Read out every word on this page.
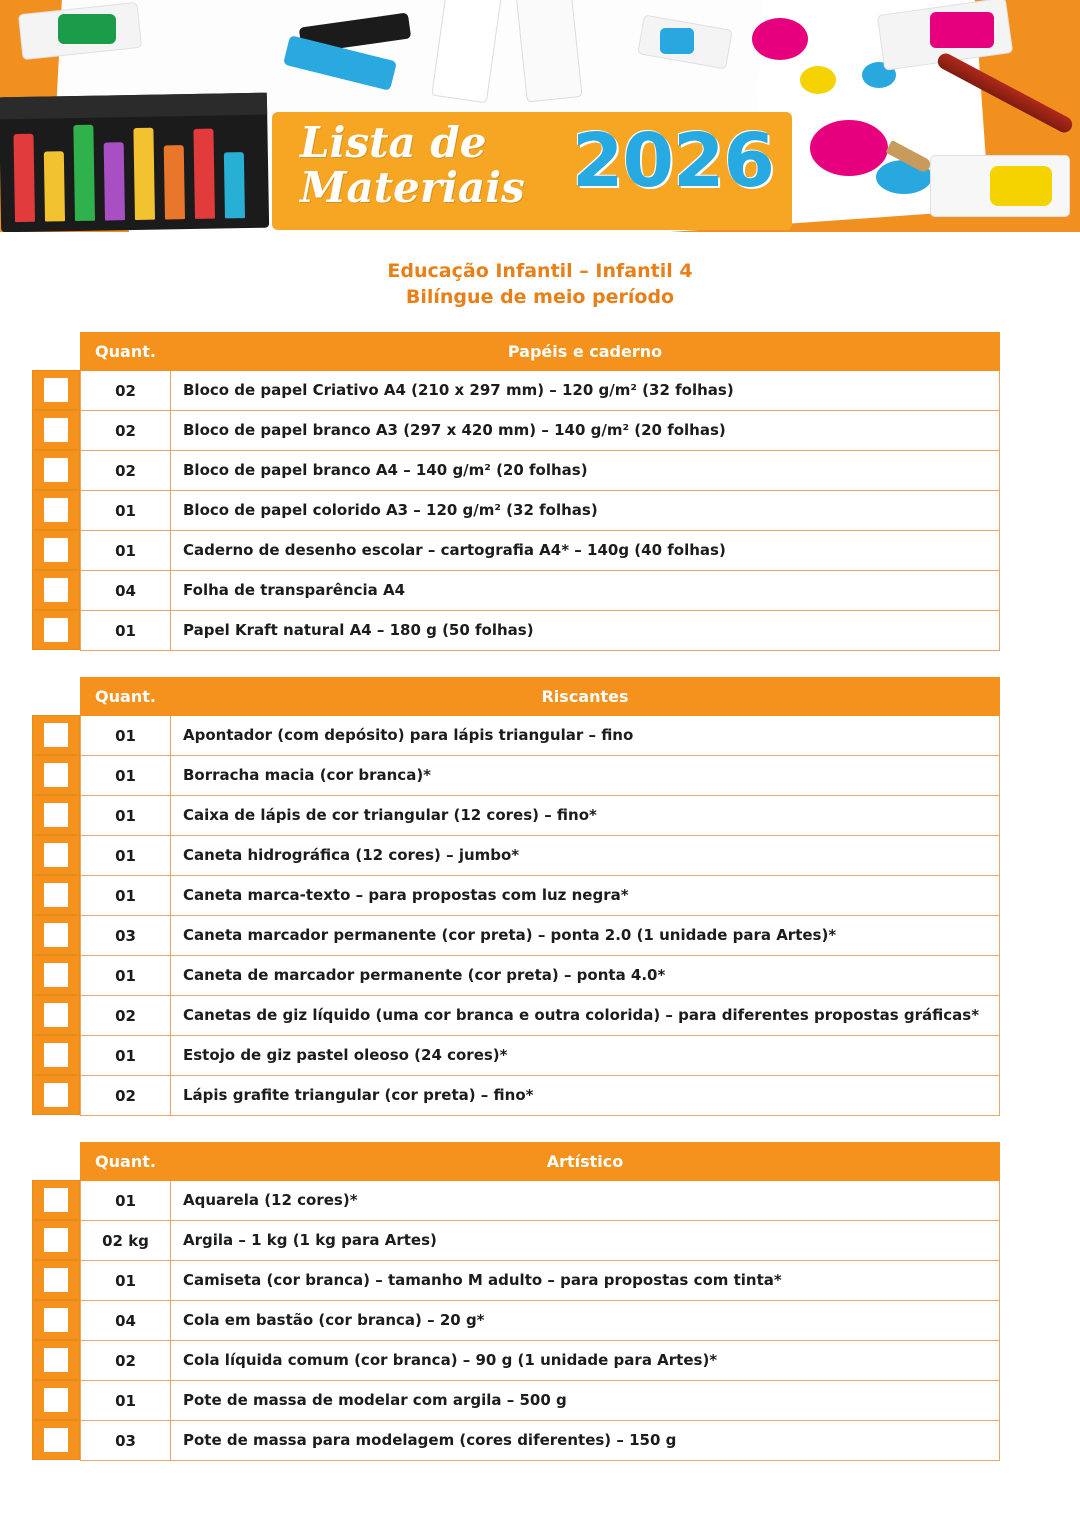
Lista de
Materiais 2026
Educação Infantil – Infantil 4
Bilíngue de meio período
Quant.	Papéis e caderno
02	Bloco de papel Criativo A4 (210 x 297 mm) – 120 g/m² (32 folhas)
02	Bloco de papel branco A3 (297 x 420 mm) – 140 g/m² (20 folhas)
02	Bloco de papel branco A4 – 140 g/m² (20 folhas)
01	Bloco de papel colorido A3 – 120 g/m² (32 folhas)
01	Caderno de desenho escolar – cartografia A4* – 140g (40 folhas)
04	Folha de transparência A4
01	Papel Kraft natural A4 – 180 g (50 folhas)
Quant.	Riscantes
01	Apontador (com depósito) para lápis triangular – fino
01	Borracha macia (cor branca)*
01	Caixa de lápis de cor triangular (12 cores) – fino*
01	Caneta hidrográfica (12 cores) – jumbo*
01	Caneta marca-texto – para propostas com luz negra*
03	Caneta marcador permanente (cor preta) – ponta 2.0 (1 unidade para Artes)*
01	Caneta de marcador permanente (cor preta) – ponta 4.0*
02	Canetas de giz líquido (uma cor branca e outra colorida) – para diferentes propostas gráficas*
01	Estojo de giz pastel oleoso (24 cores)*
02	Lápis grafite triangular (cor preta) – fino*
Quant.	Artístico
01	Aquarela (12 cores)*
02 kg	Argila – 1 kg (1 kg para Artes)
01	Camiseta (cor branca) – tamanho M adulto – para propostas com tinta*
04	Cola em bastão (cor branca) – 20 g*
02	Cola líquida comum (cor branca) – 90 g (1 unidade para Artes)*
01	Pote de massa de modelar com argila – 500 g
03	Pote de massa para modelagem (cores diferentes) – 150 g
